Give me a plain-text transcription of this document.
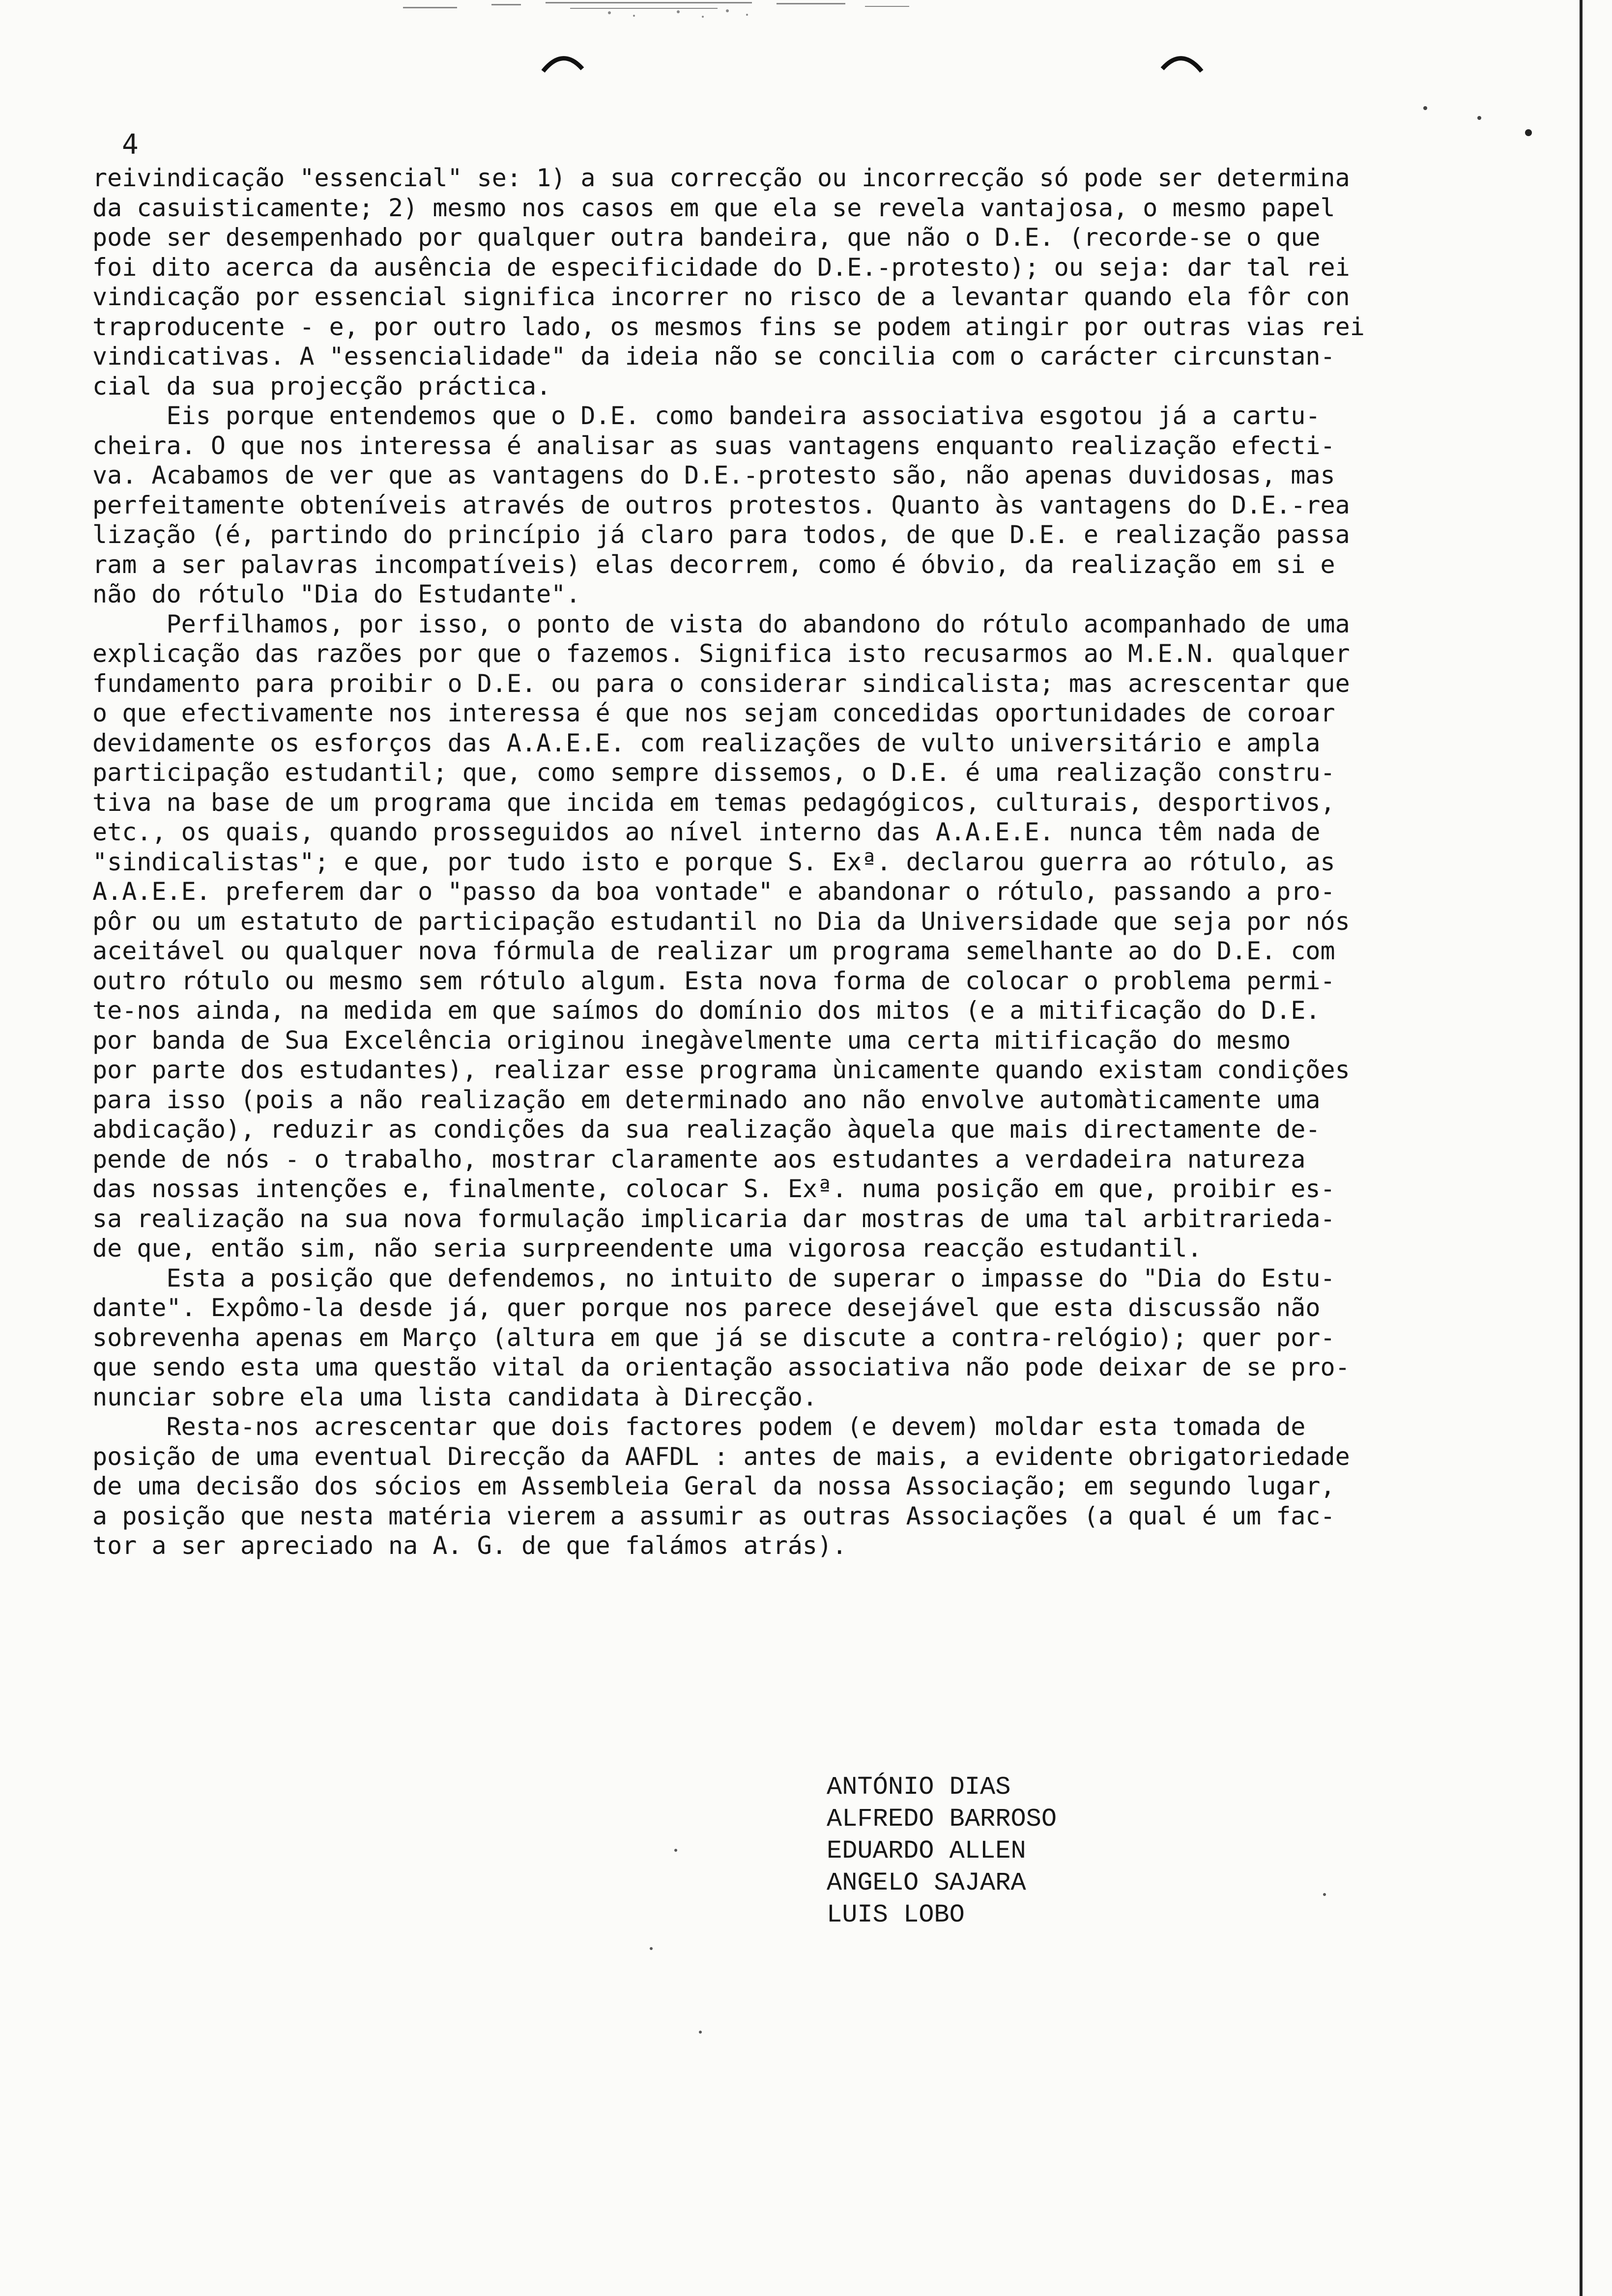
4
reivindicação "essencial" se: 1) a sua correcção ou incorrecção só pode ser determina
da casuisticamente; 2) mesmo nos casos em que ela se revela vantajosa, o mesmo papel
pode ser desempenhado por qualquer outra bandeira, que não o D.E. (recorde-se o que
foi dito acerca da ausência de especificidade do D.E.-protesto); ou seja: dar tal rei
vindicação por essencial significa incorrer no risco de a levantar quando ela fôr con
traproducente - e, por outro lado, os mesmos fins se podem atingir por outras vias rei
vindicativas. A "essencialidade" da ideia não se concilia com o carácter circunstan-
cial da sua projecção práctica.
Eis porque entendemos que o D.E. como bandeira associativa esgotou já a cartu-
cheira. O que nos interessa é analisar as suas vantagens enquanto realização efecti-
va. Acabamos de ver que as vantagens do D.E.-protesto são, não apenas duvidosas, mas
perfeitamente obteníveis através de outros protestos. Quanto às vantagens do D.E.-rea
lização (é, partindo do princípio já claro para todos, de que D.E. e realização passa
ram a ser palavras incompatíveis) elas decorrem, como é óbvio, da realização em si e
não do rótulo "Dia do Estudante".
Perfilhamos, por isso, o ponto de vista do abandono do rótulo acompanhado de uma
explicação das razões por que o fazemos. Significa isto recusarmos ao M.E.N. qualquer
fundamento para proibir o D.E. ou para o considerar sindicalista; mas acrescentar que
o que efectivamente nos interessa é que nos sejam concedidas oportunidades de coroar
devidamente os esforços das A.A.E.E. com realizações de vulto universitário e ampla
participação estudantil; que, como sempre dissemos, o D.E. é uma realização constru-
tiva na base de um programa que incida em temas pedagógicos, culturais, desportivos,
etc., os quais, quando prosseguidos ao nível interno das A.A.E.E. nunca têm nada de
"sindicalistas"; e que, por tudo isto e porque S. Exª. declarou guerra ao rótulo, as
A.A.E.E. preferem dar o "passo da boa vontade" e abandonar o rótulo, passando a pro-
pôr ou um estatuto de participação estudantil no Dia da Universidade que seja por nós
aceitável ou qualquer nova fórmula de realizar um programa semelhante ao do D.E. com
outro rótulo ou mesmo sem rótulo algum. Esta nova forma de colocar o problema permi-
te-nos ainda, na medida em que saímos do domínio dos mitos (e a mitificação do D.E.
por banda de Sua Excelência originou inegàvelmente uma certa mitificação do mesmo
por parte dos estudantes), realizar esse programa ùnicamente quando existam condições
para isso (pois a não realização em determinado ano não envolve automàticamente uma
abdicação), reduzir as condições da sua realização àquela que mais directamente de-
pende de nós - o trabalho, mostrar claramente aos estudantes a verdadeira natureza
das nossas intenções e, finalmente, colocar S. Exª. numa posição em que, proibir es-
sa realização na sua nova formulação implicaria dar mostras de uma tal arbitrarieda-
de que, então sim, não seria surpreendente uma vigorosa reacção estudantil.
Esta a posição que defendemos, no intuito de superar o impasse do "Dia do Estu-
dante". Expômo-la desde já, quer porque nos parece desejável que esta discussão não
sobrevenha apenas em Março (altura em que já se discute a contra-relógio); quer por-
que sendo esta uma questão vital da orientação associativa não pode deixar de se pro-
nunciar sobre ela uma lista candidata à Direcção.
Resta-nos acrescentar que dois factores podem (e devem) moldar esta tomada de
posição de uma eventual Direcção da AAFDL : antes de mais, a evidente obrigatoriedade
de uma decisão dos sócios em Assembleia Geral da nossa Associação; em segundo lugar,
a posição que nesta matéria vierem a assumir as outras Associações (a qual é um fac-
tor a ser apreciado na A. G. de que falámos atrás).
ANTÓNIO DIAS
ALFREDO BARROSO
EDUARDO ALLEN
ANGELO SAJARA
LUIS LOBO
